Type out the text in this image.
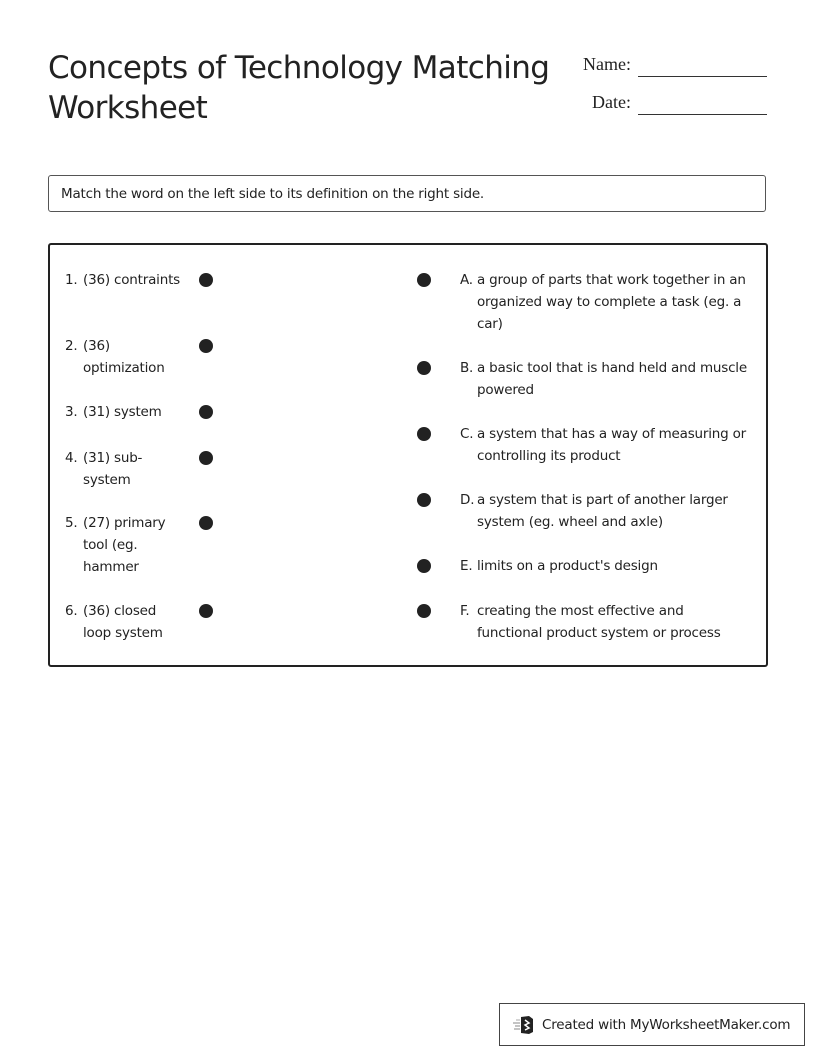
Concepts of Technology Matching Worksheet
Name:
Date:
Match the word on the left side to its definition on the right side.
1. (36) contraints
2. (36) optimization
3. (31) system
4. (31) sub-system
5. (27) primary tool (eg. hammer
6. (36) closed loop system
A. a group of parts that work together in an organized way to complete a task (eg. a car)
B. a basic tool that is hand held and muscle powered
C. a system that has a way of measuring or controlling its product
D. a system that is part of another larger system (eg. wheel and axle)
E. limits on a product's design
F. creating the most effective and functional product system or process
Created with MyWorksheetMaker.com
